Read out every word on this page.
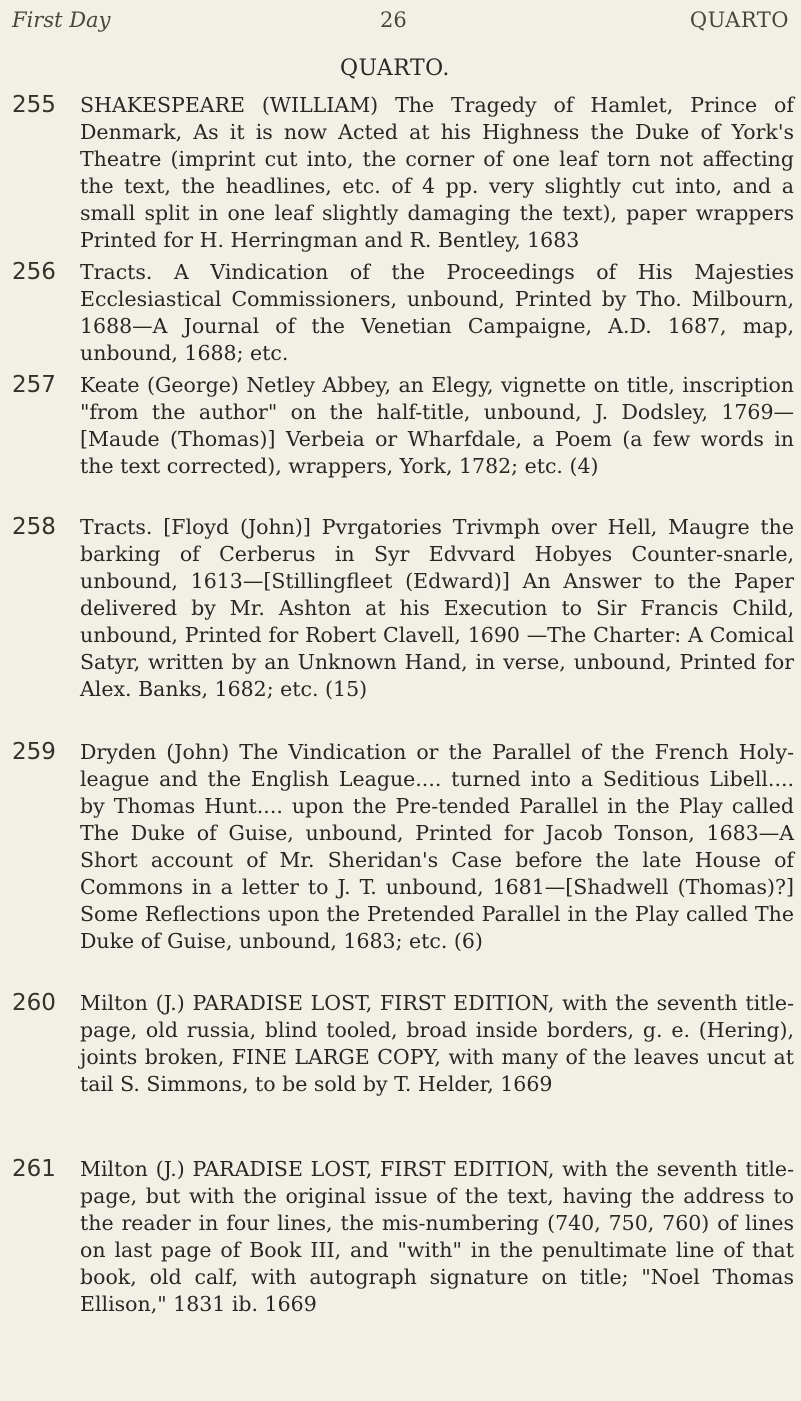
First Day	26	QUARTO
QUARTO.
255 SHAKESPEARE (WILLIAM) The Tragedy of Hamlet, Prince of Denmark, As it is now Acted at his Highness the Duke of York's Theatre (imprint cut into, the corner of one leaf torn not affecting the text, the headlines, etc. of 4 pp. very slightly cut into, and a small split in one leaf slightly damaging the text), paper wrappers Printed for H. Herringman and R. Bentley, 1683
256 Tracts. A Vindication of the Proceedings of His Majesties Ecclesiastical Commissioners, unbound, Printed by Tho. Milbourn, 1688—A Journal of the Venetian Campaigne, A.D. 1687, map, unbound, 1688; etc.
257 Keate (George) Netley Abbey, an Elegy, vignette on title, inscription "from the author" on the half-title, unbound, J. Dodsley, 1769—[Maude (Thomas)] Verbeia or Wharfdale, a Poem (a few words in the text corrected), wrappers, York, 1782; etc. (4)
258 Tracts. [Floyd (John)] Pvrgatories Trivmph over Hell, Maugre the barking of Cerberus in Syr Edvvard Hobyes Counter-snarle, unbound, 1613—[Stillingfleet (Edward)] An Answer to the Paper delivered by Mr. Ashton at his Execution to Sir Francis Child, unbound, Printed for Robert Clavell, 1690 —The Charter: A Comical Satyr, written by an Unknown Hand, in verse, unbound, Printed for Alex. Banks, 1682; etc. (15)
259 Dryden (John) The Vindication or the Parallel of the French Holy-league and the English League.... turned into a Seditious Libell.... by Thomas Hunt.... upon the Pre-tended Parallel in the Play called The Duke of Guise, unbound, Printed for Jacob Tonson, 1683—A Short account of Mr. Sheridan's Case before the late House of Commons in a letter to J. T. unbound, 1681—[Shadwell (Thomas)?] Some Reflections upon the Pretended Parallel in the Play called The Duke of Guise, unbound, 1683; etc. (6)
260 Milton (J.) PARADISE LOST, FIRST EDITION, with the seventh title-page, old russia, blind tooled, broad inside borders, g. e. (Hering), joints broken, FINE LARGE COPY, with many of the leaves uncut at tail S. Simmons, to be sold by T. Helder, 1669
261 Milton (J.) PARADISE LOST, FIRST EDITION, with the seventh title-page, but with the original issue of the text, having the address to the reader in four lines, the mis-numbering (740, 750, 760) of lines on last page of Book III, and "with" in the penultimate line of that book, old calf, with autograph signature on title; "Noel Thomas Ellison," 1831 ib. 1669
